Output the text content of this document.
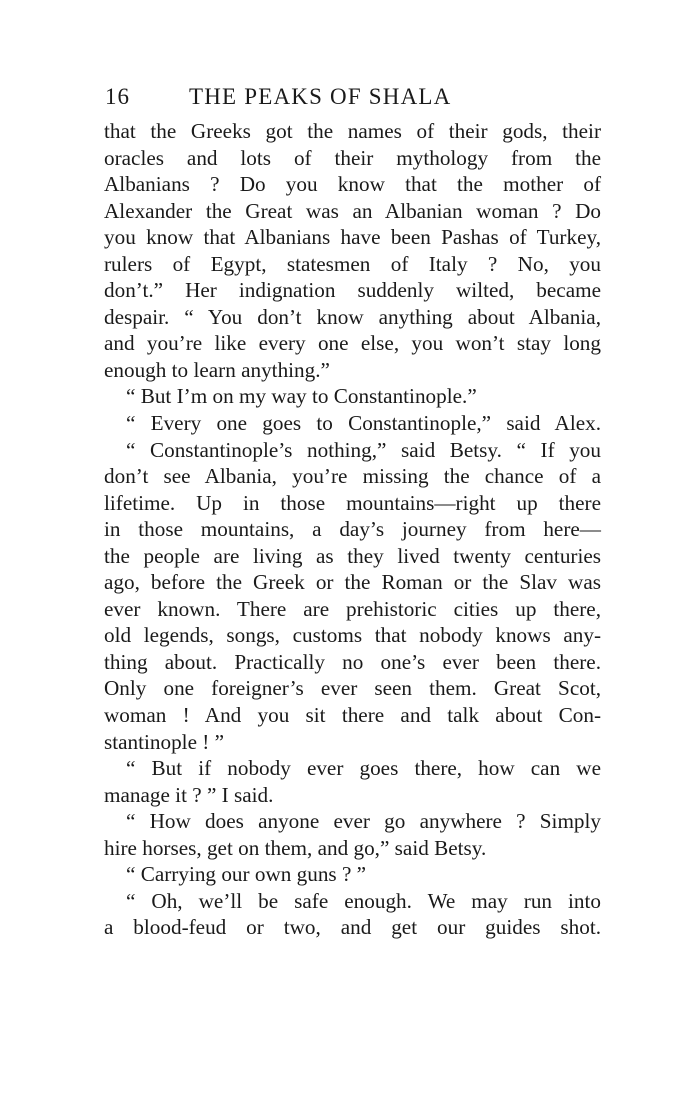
16	THE PEAKS OF SHALA
that the Greeks got the names of their gods, their
oracles and lots of their mythology from the
Albanians ? Do you know that the mother of
Alexander the Great was an Albanian woman ? Do
you know that Albanians have been Pashas of Turkey,
rulers of Egypt, statesmen of Italy ? No, you
don’t.” Her indignation suddenly wilted, became
despair. “ You don’t know anything about Albania,
and you’re like every one else, you won’t stay long
enough to learn anything.”
“ But I’m on my way to Constantinople.”
“ Every one goes to Constantinople,” said Alex.
“ Constantinople’s nothing,” said Betsy. “ If you
don’t see Albania, you’re missing the chance of a
lifetime. Up in those mountains—right up there
in those mountains, a day’s journey from here—
the people are living as they lived twenty centuries
ago, before the Greek or the Roman or the Slav was
ever known. There are prehistoric cities up there,
old legends, songs, customs that nobody knows any-
thing about. Practically no one’s ever been there.
Only one foreigner’s ever seen them. Great Scot,
woman ! And you sit there and talk about Con-
stantinople ! ”
“ But if nobody ever goes there, how can we
manage it ? ” I said.
“ How does anyone ever go anywhere ? Simply
hire horses, get on them, and go,” said Betsy.
“ Carrying our own guns ? ”
“ Oh, we’ll be safe enough. We may run into
a blood-feud or two, and get our guides shot.
